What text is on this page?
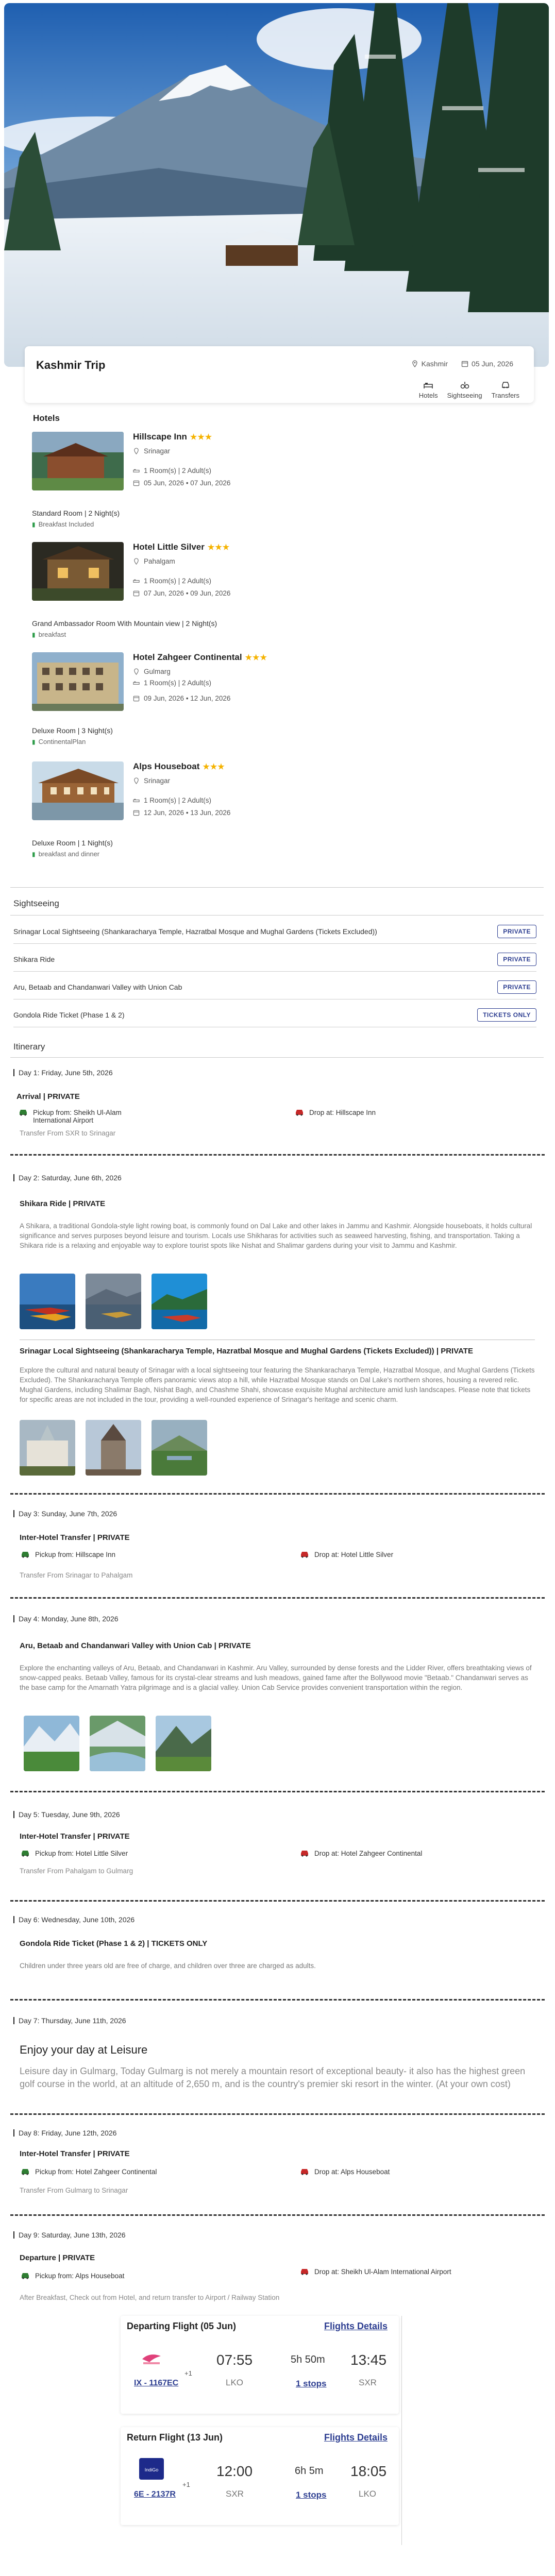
Kashmir Trip	Kashmir	05 Jun, 2026
Hotels Sightseeing Transfers
Hotels
Hillscape Inn ★★★
Srinagar
1 Room(s) | 2 Adult(s)
05 Jun, 2026 • 07 Jun, 2026
Standard Room | 2 Night(s)
▮ Breakfast Included
Hotel Little Silver ★★★
Pahalgam
1 Room(s) | 2 Adult(s)
07 Jun, 2026 • 09 Jun, 2026
Grand Ambassador Room With Mountain view | 2 Night(s)
▮ breakfast
Hotel Zahgeer Continental ★★★
Gulmarg
1 Room(s) | 2 Adult(s)
09 Jun, 2026 • 12 Jun, 2026
Deluxe Room | 3 Night(s)
▮ ContinentalPlan
Alps Houseboat ★★★
Srinagar
1 Room(s) | 2 Adult(s)
12 Jun, 2026 • 13 Jun, 2026
Deluxe Room | 1 Night(s)
▮ breakfast and dinner
Sightseeing
Srinagar Local Sightseeing (Shankaracharya Temple, Hazratbal Mosque and Mughal Gardens (Tickets Excluded))	PRIVATE
Shikara Ride	PRIVATE
Aru, Betaab and Chandanwari Valley with Union Cab	PRIVATE
Gondola Ride Ticket (Phase 1 & 2)	TICKETS ONLY
Itinerary
Day 1: Friday, June 5th, 2026
Arrival | PRIVATE
Pickup from: Sheikh Ul-Alam International Airport
Drop at: Hillscape Inn
Transfer From SXR to Srinagar
Day 2: Saturday, June 6th, 2026
Shikara Ride | PRIVATE
A Shikara, a traditional Gondola-style light rowing boat, is commonly found on Dal Lake and other lakes in Jammu and Kashmir. Alongside houseboats, it holds cultural significance and serves purposes beyond leisure and tourism. Locals use Shikharas for activities such as seaweed harvesting, fishing, and transportation. Taking a Shikara ride is a relaxing and enjoyable way to explore tourist spots like Nishat and Shalimar gardens during your visit to Jammu and Kashmir.
Srinagar Local Sightseeing (Shankaracharya Temple, Hazratbal Mosque and Mughal Gardens (Tickets Excluded)) | PRIVATE
Explore the cultural and natural beauty of Srinagar with a local sightseeing tour featuring the Shankaracharya Temple, Hazratbal Mosque, and Mughal Gardens (Tickets Excluded). The Shankaracharya Temple offers panoramic views atop a hill, while Hazratbal Mosque stands on Dal Lake's northern shores, housing a revered relic. Mughal Gardens, including Shalimar Bagh, Nishat Bagh, and Chashme Shahi, showcase exquisite Mughal architecture amid lush landscapes. Please note that tickets for specific areas are not included in the tour, providing a well-rounded experience of Srinagar's heritage and scenic charm.
Day 3: Sunday, June 7th, 2026
Inter-Hotel Transfer | PRIVATE
Pickup from: Hillscape Inn	Drop at: Hotel Little Silver
Transfer From Srinagar to Pahalgam
Day 4: Monday, June 8th, 2026
Aru, Betaab and Chandanwari Valley with Union Cab | PRIVATE
Explore the enchanting valleys of Aru, Betaab, and Chandanwari in Kashmir. Aru Valley, surrounded by dense forests and the Lidder River, offers breathtaking views of snow-capped peaks. Betaab Valley, famous for its crystal-clear streams and lush meadows, gained fame after the Bollywood movie "Betaab." Chandanwari serves as the base camp for the Amarnath Yatra pilgrimage and is a glacial valley. Union Cab Service provides convenient transportation within the region.
Day 5: Tuesday, June 9th, 2026
Inter-Hotel Transfer | PRIVATE
Pickup from: Hotel Little Silver	Drop at: Hotel Zahgeer Continental
Transfer From Pahalgam to Gulmarg
Day 6: Wednesday, June 10th, 2026
Gondola Ride Ticket (Phase 1 & 2) | TICKETS ONLY
Children under three years old are free of charge, and children over three are charged as adults.
Day 7: Thursday, June 11th, 2026
Enjoy your day at Leisure
Leisure day in Gulmarg, Today Gulmarg is not merely a mountain resort of exceptional beauty- it also has the highest green golf course in the world, at an altitude of 2,650 m, and is the country's premier ski resort in the winter. (At your own cost)
Day 8: Friday, June 12th, 2026
Inter-Hotel Transfer | PRIVATE
Pickup from: Hotel Zahgeer Continental	Drop at: Alps Houseboat
Transfer From Gulmarg to Srinagar
Day 9: Saturday, June 13th, 2026
Departure | PRIVATE
Pickup from: Alps Houseboat
Drop at: Sheikh Ul-Alam International Airport
After Breakfast, Check out from Hotel, and return transfer to Airport / Railway Station
Departing Flight (05 Jun)	Flights Details
IX - 1167EC
+1
07:55
LKO
5h 50m
1 stops
13:45
SXR
Return Flight (13 Jun)	Flights Details
IndiGo
6E - 2137R
+1
12:00
SXR
6h 5m
1 stops
18:05
LKO
